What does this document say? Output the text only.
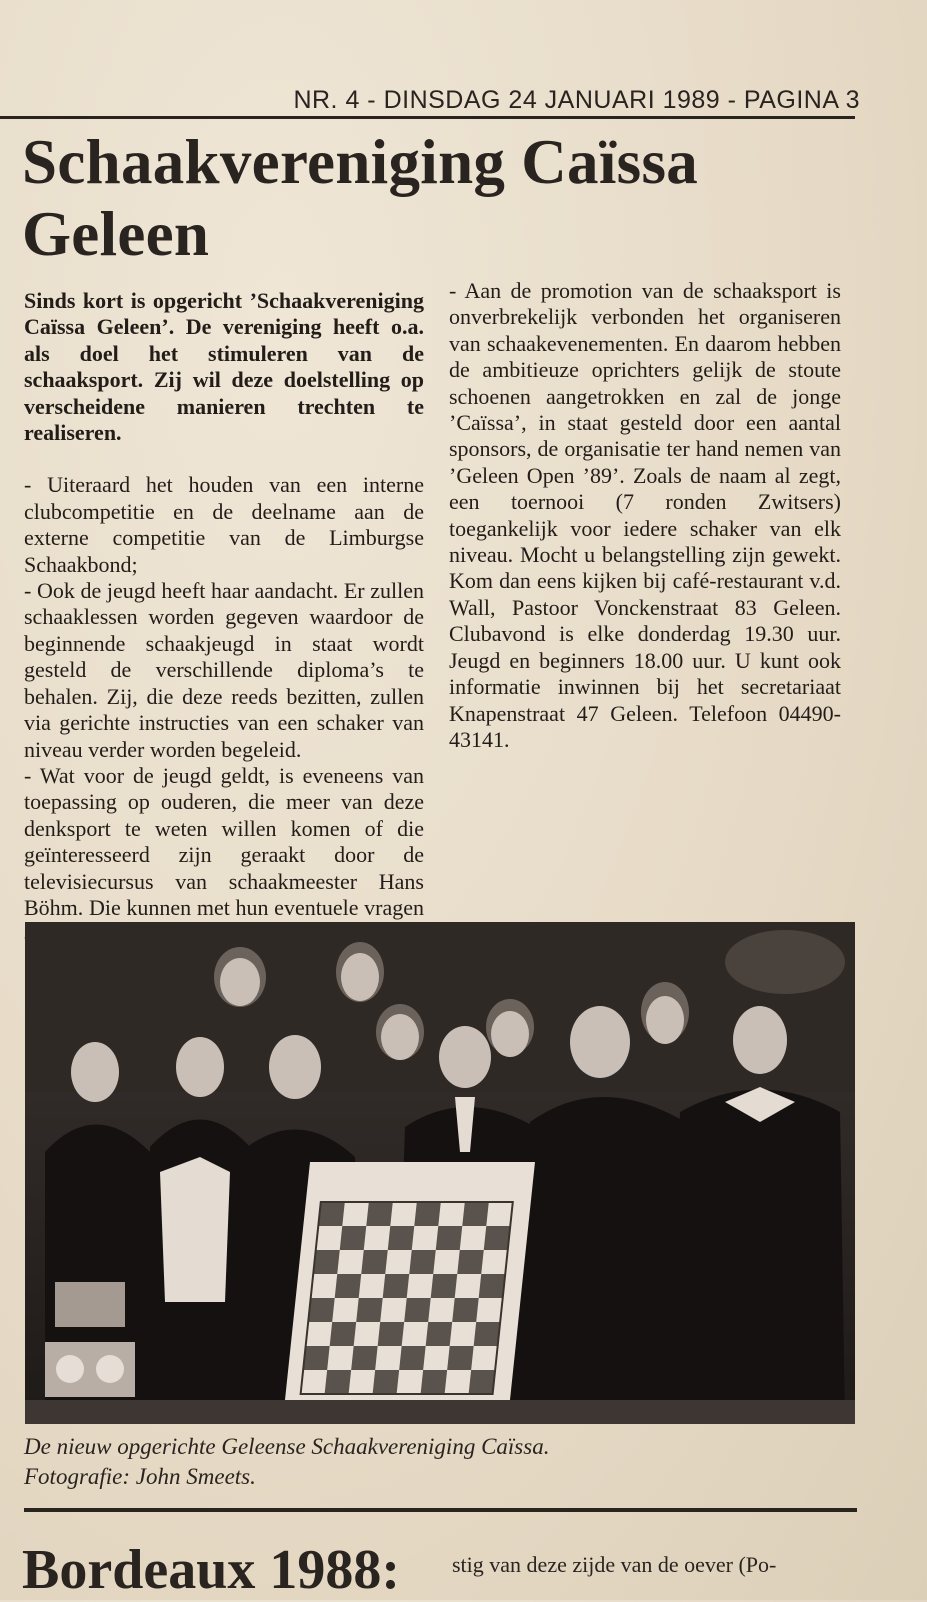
NR. 4 - DINSDAG 24 JANUARI 1989 - PAGINA 3
Schaakvereniging Caïssa Geleen

Sinds kort is opgericht ’Schaakvereniging Caïssa Geleen’. De vereniging heeft o.a. als doel het stimuleren van de schaaksport. Zij wil deze doelstelling op verscheidene manieren trechten te realiseren.

- Uiteraard het houden van een interne clubcompetitie en de deelname aan de externe competitie van de Limburgse Schaakbond;

- Ook de jeugd heeft haar aandacht. Er zullen schaaklessen worden gegeven waardoor de beginnende schaakjeugd in staat wordt gesteld de verschillende diploma’s te behalen. Zij, die deze reeds bezitten, zullen via gerichte instructies van een schaker van niveau verder worden begeleid.

- Wat voor de jeugd geldt, is eveneens van toepassing op ouderen, die meer van deze denksport te weten willen komen of die geïnteresseerd zijn geraakt door de televisiecursus van schaakmeester Hans Böhm. Die kunnen met hun eventuele vragen

- Aan de promotion van de schaaksport is onverbrekelijk verbonden het organiseren van schaakevenementen. En daarom hebben de ambitieuze oprichters gelijk de stoute schoenen aangetrokken en zal de jonge ’Caïssa’, in staat gesteld door een aantal sponsors, de organisatie ter hand nemen van ’Geleen Open ’89’. Zoals de naam al zegt, een toernooi (7 ronden Zwitsers) toegankelijk voor iedere schaker van elk niveau. Mocht u belangstelling zijn gewekt. Kom dan eens kijken bij café-restaurant v.d. Wall, Pastoor Vonckenstraat 83 Geleen. Clubavond is elke donderdag 19.30 uur. Jeugd en beginners 18.00 uur. U kunt ook informatie inwinnen bij het secretariaat Knapenstraat 47 Geleen. Telefoon 04490-43141.

De nieuw opgerichte Geleense Schaakvereniging Caïssa.
Fotografie: John Smeets.
Bordeaux 1988: stig van deze zijde van de oever (Po-
